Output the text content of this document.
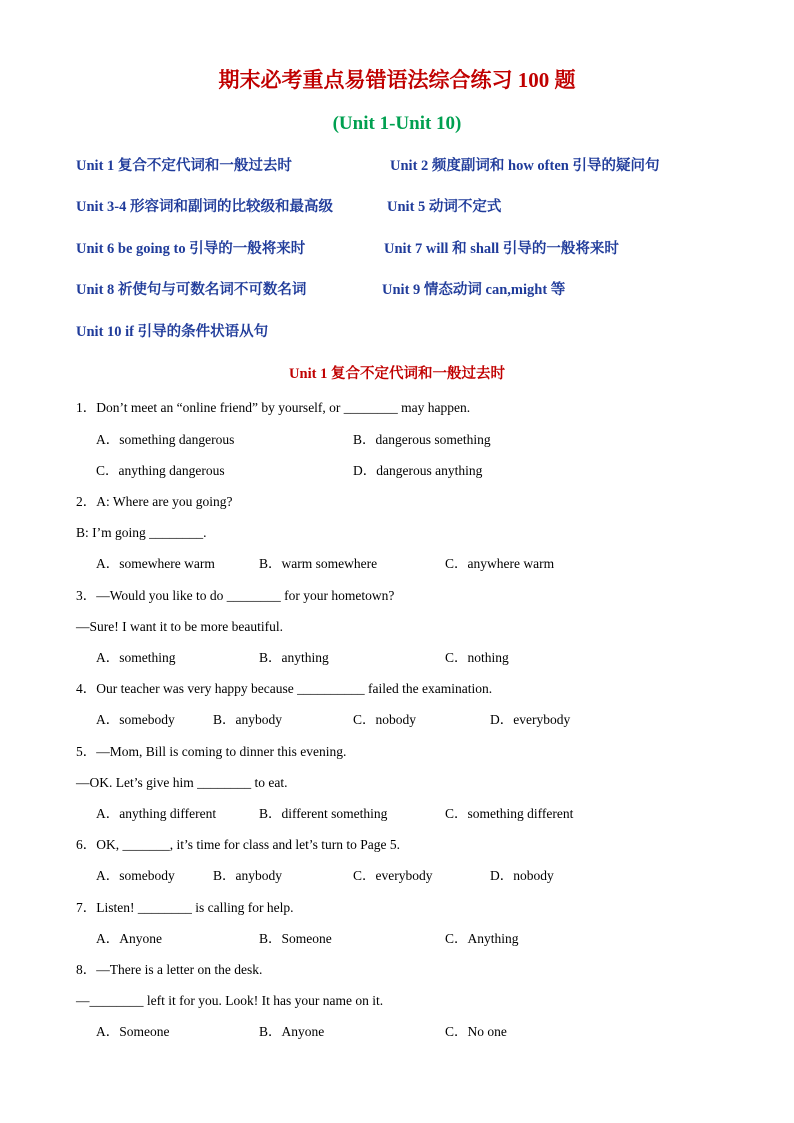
期末必考重点易错语法综合练习 100 题
(Unit 1-Unit 10)
Unit 1 复合不定代词和一般过去时	Unit 2 频度副词和 how often 引导的疑问句
Unit 3-4 形容词和副词的比较级和最高级	Unit 5 动词不定式
Unit 6 be going to 引导的一般将来时	Unit 7 will 和 shall 引导的一般将来时
Unit 8 祈使句与可数名词不可数名词	Unit 9 情态动词 can,might 等
Unit 10 if 引导的条件状语从句
Unit 1 复合不定代词和一般过去时
1．Don’t meet an “online friend” by yourself, or ________ may happen.
A．something dangerous	B．dangerous something
C．anything dangerous	D．dangerous anything
2．A: Where are you going?
B: I’m going ________.
A．somewhere warm	B．warm somewhere	C．anywhere warm
3．—Would you like to do ________ for your hometown?
—Sure! I want it to be more beautiful.
A．something	B．anything	C．nothing
4．Our teacher was very happy because __________ failed the examination.
A．somebody	B．anybody	C．nobody	D．everybody
5．—Mom, Bill is coming to dinner this evening.
—OK. Let’s give him ________ to eat.
A．anything different	B．different something	C．something different
6．OK, _______, it’s time for class and let’s turn to Page 5.
A．somebody	B．anybody	C．everybody	D．nobody
7．Listen! ________ is calling for help.
A．Anyone	B．Someone	C．Anything
8．—There is a letter on the desk.
—________ left it for you. Look! It has your name on it.
A．Someone	B．Anyone	C．No one
